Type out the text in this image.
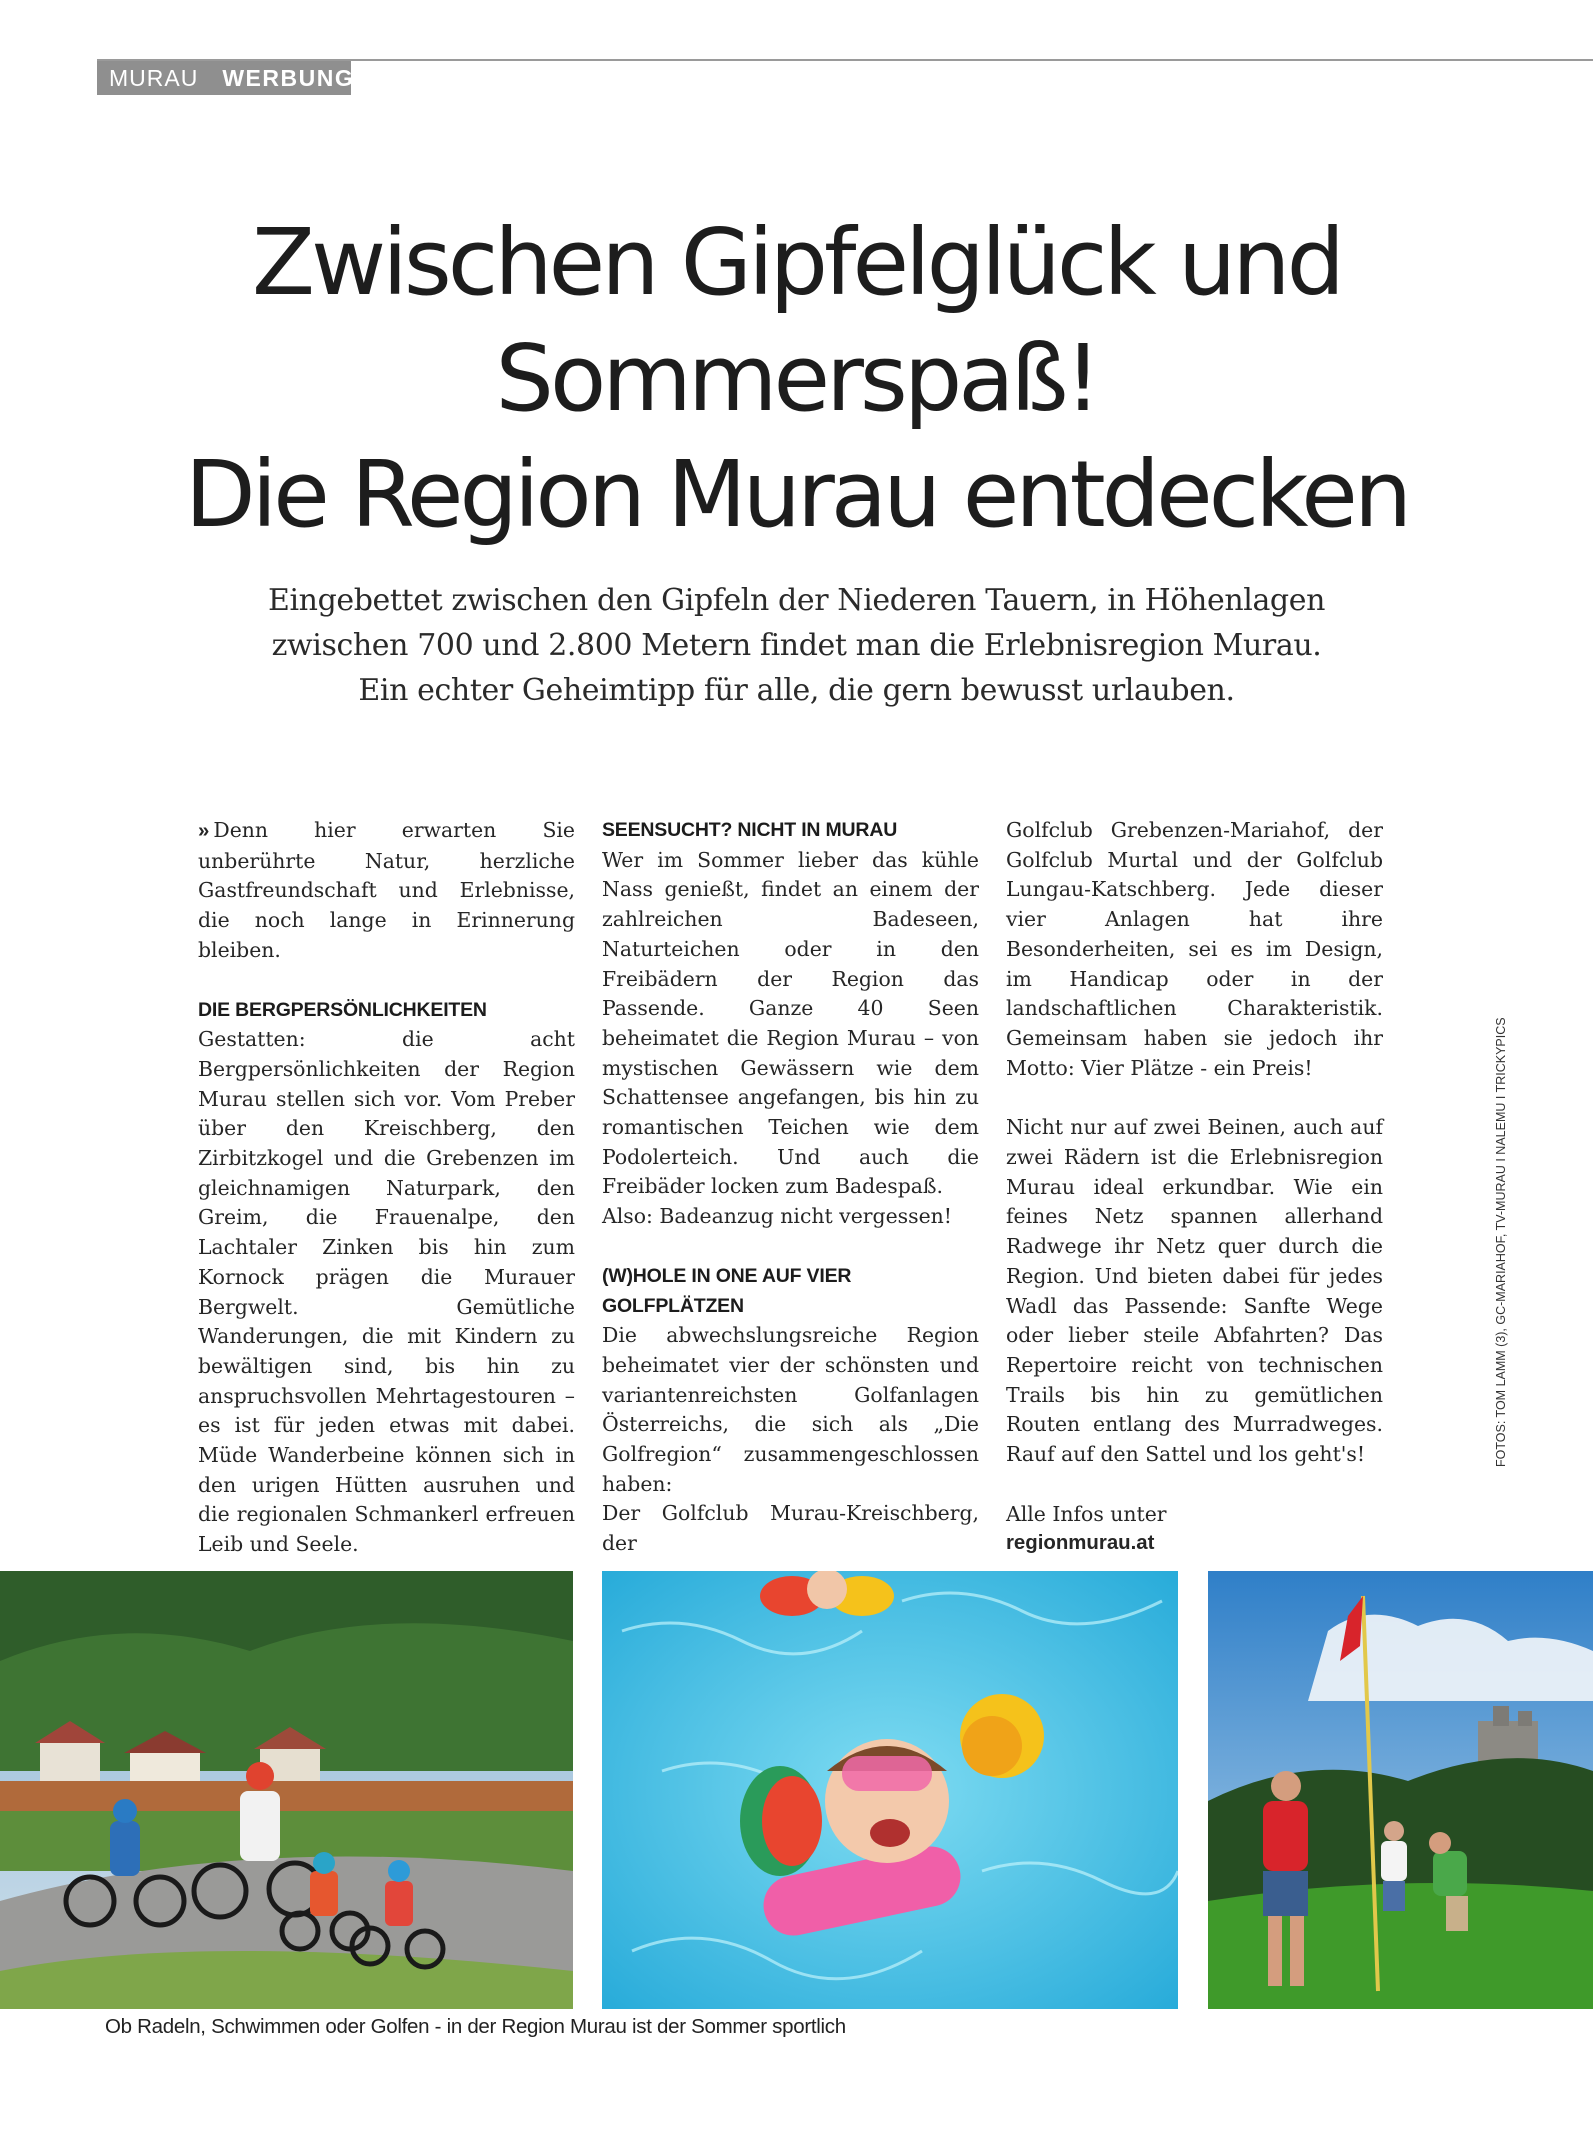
MURAU	WERBUNG
Zwischen Gipfelglück und
Sommerspaß!
Die Region Murau entdecken

Eingebettet zwischen den Gipfeln der Niederen Tauern, in Höhenlagen
zwischen 700 und 2.800 Metern findet man die Erlebnisregion Murau.
Ein echter Geheimtipp für alle, die gern bewusst urlauben.

» Denn hier erwarten Sie unberührte Natur, herzliche Gastfreundschaft und Erlebnisse, die noch lange in Erinnerung bleiben.

DIE BERGPERSÖNLICHKEITEN

Gestatten: die acht Bergpersönlichkeiten der Region Murau stellen sich vor. Vom Preber über den Kreischberg, den Zirbitzkogel und die Grebenzen im gleichnamigen Naturpark, den Greim, die Frauenalpe, den Lachtaler Zinken bis hin zum Kornock prägen die Murauer Bergwelt. Gemütliche Wanderungen, die mit Kindern zu bewältigen sind, bis hin zu anspruchsvollen Mehrtagestouren – es ist für jeden etwas mit dabei. Müde Wanderbeine können sich in den urigen Hütten ausruhen und die regionalen Schmankerl erfreuen Leib und Seele.

SEENSUCHT? NICHT IN MURAU

Wer im Sommer lieber das kühle Nass genießt, findet an einem der zahlreichen Badeseen, Naturteichen oder in den Freibädern der Region das Passende. Ganze 40 Seen beheimatet die Region Murau – von mystischen Gewässern wie dem Schattensee angefangen, bis hin zu romantischen Teichen wie dem Podolerteich. Und auch die Freibäder locken zum Badespaß.

Also: Badeanzug nicht vergessen!

(W)HOLE IN ONE AUF VIER GOLFPLÄTZEN

Die abwechslungsreiche Region beheimatet vier der schönsten und variantenreichsten Golfanlagen Österreichs, die sich als „Die Golfregion“ zusammengeschlossen haben:

Der Golfclub Murau-Kreischberg, der

Golfclub Grebenzen-Mariahof, der Golfclub Murtal und der Golfclub Lungau-Katschberg. Jede dieser vier Anlagen hat ihre Besonderheiten, sei es im Design, im Handicap oder in der landschaftlichen Charakteristik. Gemeinsam haben sie jedoch ihr Motto: Vier Plätze - ein Preis!

Nicht nur auf zwei Beinen, auch auf zwei Rädern ist die Erlebnisregion Murau ideal erkundbar. Wie ein feines Netz spannen allerhand Radwege ihr Netz quer durch die Region. Und bieten dabei für jedes Wadl das Passende: Sanfte Wege oder lieber steile Abfahrten? Das Repertoire reicht von technischen Trails bis hin zu gemütlichen Routen entlang des Murradweges. Rauf auf den Sattel und los geht's!

Alle Infos unter

regionmurau.at

FOTOS: TOM LAMM (3), GC-MARIAHOF, TV-MURAU I NALEMU I TRICKYPICS

Ob Radeln, Schwimmen oder Golfen - in der Region Murau ist der Sommer sportlich
